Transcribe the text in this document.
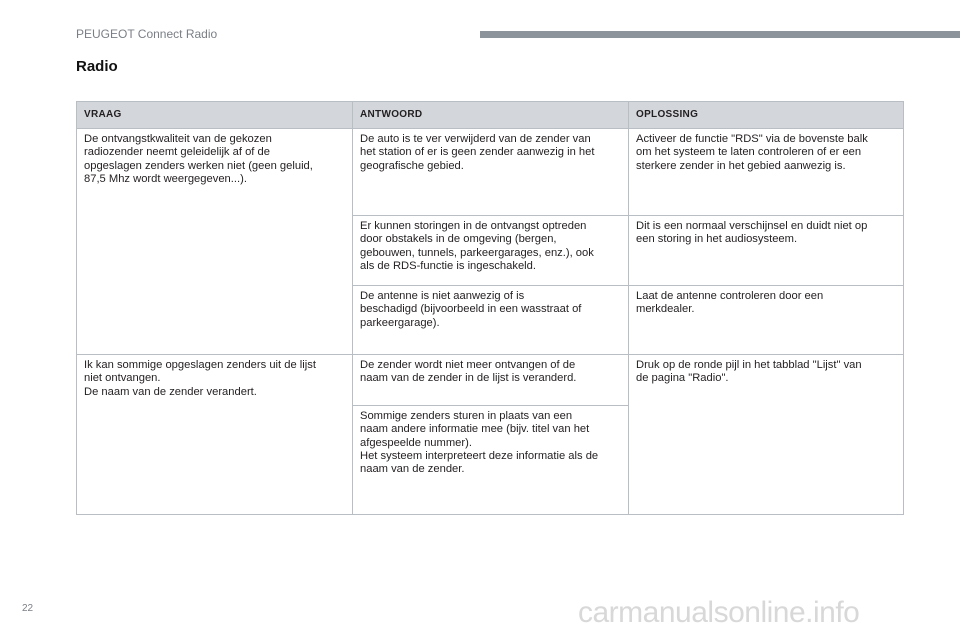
PEUGEOT Connect Radio
Radio
VRAAG	ANTWOORD	OPLOSSING
De ontvangstkwaliteit van de gekozen
radiozender neemt geleidelijk af of de
opgeslagen zenders werken niet (geen geluid,
87,5 Mhz wordt weergegeven...).	De auto is te ver verwijderd van de zender van
het station of er is geen zender aanwezig in het
geografische gebied.	Activeer de functie "RDS" via de bovenste balk
om het systeem te laten controleren of er een
sterkere zender in het gebied aanwezig is.
	Er kunnen storingen in de ontvangst optreden
door obstakels in de omgeving (bergen,
gebouwen, tunnels, parkeergarages, enz.), ook
als de RDS-functie is ingeschakeld.	Dit is een normaal verschijnsel en duidt niet op
een storing in het audiosysteem.
	De antenne is niet aanwezig of is
beschadigd (bijvoorbeeld in een wasstraat of
parkeergarage).	Laat de antenne controleren door een
merkdealer.
Ik kan sommige opgeslagen zenders uit de lijst
niet ontvangen.
De naam van de zender verandert.	De zender wordt niet meer ontvangen of de
naam van de zender in de lijst is veranderd.	Druk op de ronde pijl in het tabblad "Lijst" van
de pagina "Radio".
	Sommige zenders sturen in plaats van een
naam andere informatie mee (bijv. titel van het
afgespeelde nummer).
Het systeem interpreteert deze informatie als de
naam van de zender.	
22	carmanualsonline.info
